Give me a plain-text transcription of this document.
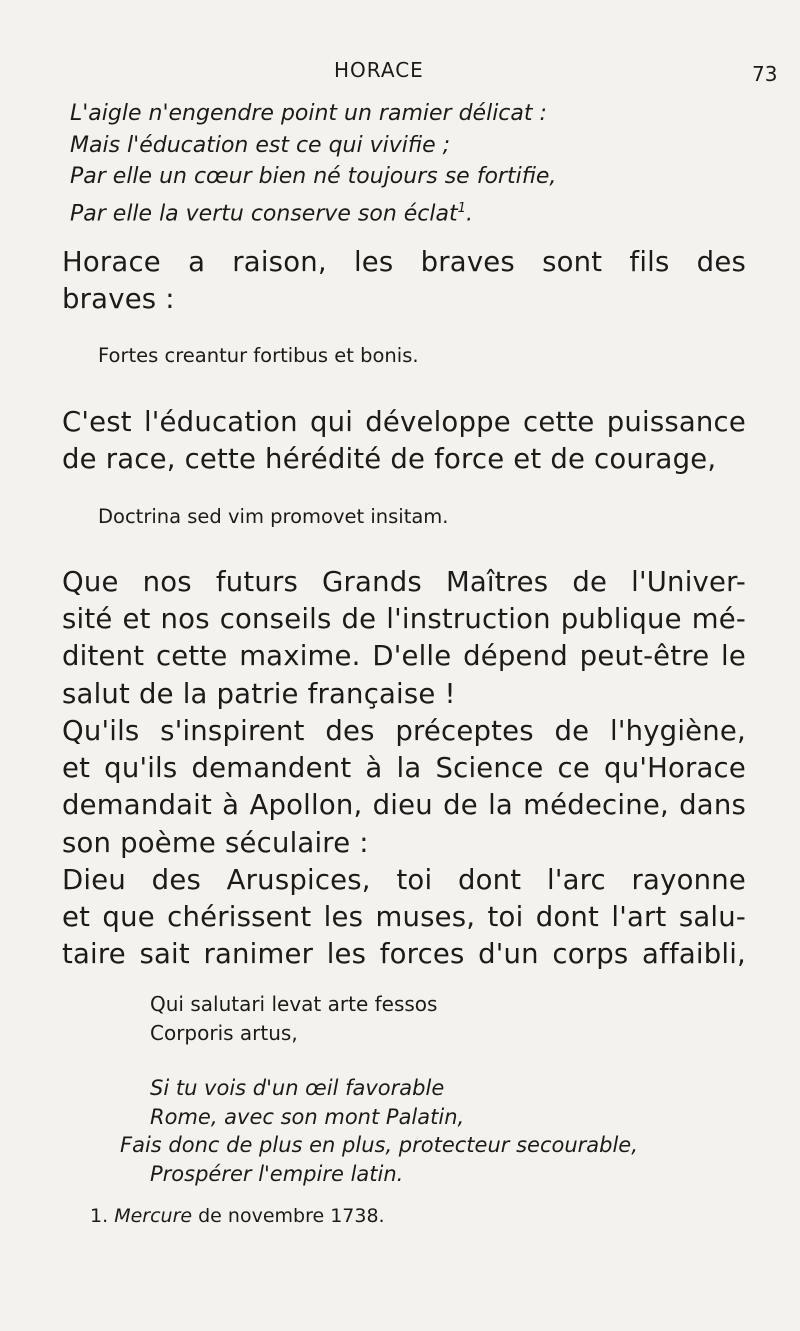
HORACE	73
L'aigle n'engendre point un ramier délicat :
Mais l'éducation est ce qui vivifie ;
Par elle un cœur bien né toujours se fortifie,
Par elle la vertu conserve son éclat$^1$.
Horace a raison, les braves sont fils des
braves :
Fortes creantur fortibus et bonis.
C'est l'éducation qui développe cette puissance
de race, cette hérédité de force et de courage,
Doctrina sed vim promovet insitam.
Que nos futurs Grands Maîtres de l'Univer-
sité et nos conseils de l'instruction publique mé-
ditent cette maxime. D'elle dépend peut-être le
salut de la patrie française !
Qu'ils s'inspirent des préceptes de l'hygiène,
et qu'ils demandent à la Science ce qu'Horace
demandait à Apollon, dieu de la médecine, dans
son poème séculaire :
Dieu des Aruspices, toi dont l'arc rayonne
et que chérissent les muses, toi dont l'art salu-
taire sait ranimer les forces d'un corps affaibli,
Qui salutari levat arte fessos
Corporis artus,
Si tu vois d'un œil favorable
Rome, avec son mont Palatin,
Fais donc de plus en plus, protecteur secourable,
Prospérer l'empire latin.
1. Mercure de novembre 1738.
